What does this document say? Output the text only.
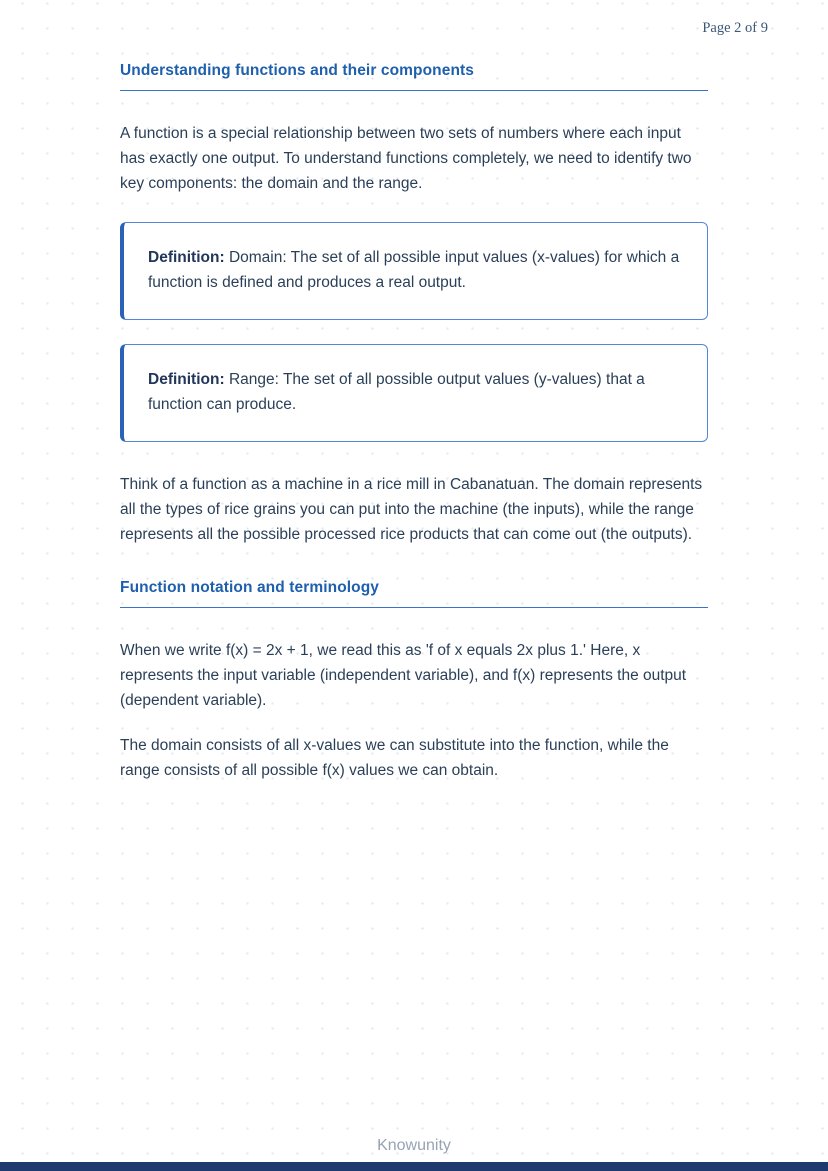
Page 2 of 9
Understanding functions and their components

A function is a special relationship between two sets of numbers where each input has exactly one output. To understand functions completely, we need to identify two key components: the domain and the range.

Definition: Domain: The set of all possible input values (x-values) for which a function is defined and produces a real output.

Definition: Range: The set of all possible output values (y-values) that a function can produce.

Think of a function as a machine in a rice mill in Cabanatuan. The domain represents all the types of rice grains you can put into the machine (the inputs), while the range represents all the possible processed rice products that can come out (the outputs).

Function notation and terminology

When we write f(x) = 2x + 1, we read this as 'f of x equals 2x plus 1.' Here, x represents the input variable (independent variable), and f(x) represents the output (dependent variable).

The domain consists of all x-values we can substitute into the function, while the range consists of all possible f(x) values we can obtain.

Knowunity
